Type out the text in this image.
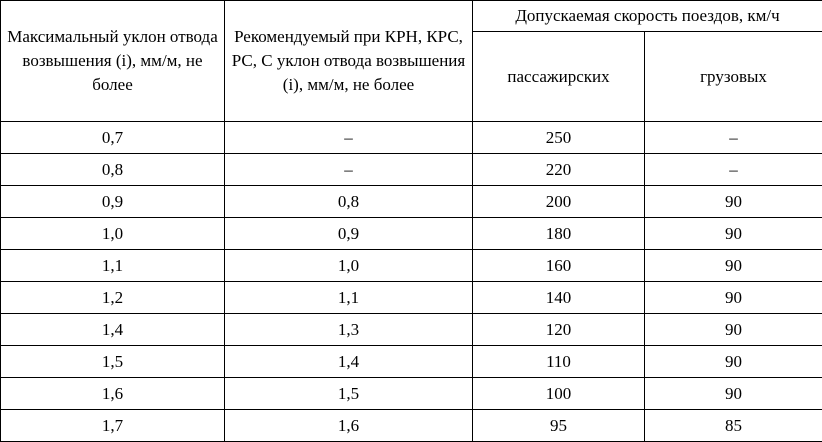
Максимальный уклон отвода возвышения (i), мм/м, не более	Рекомендуемый при КРН, КРС, РС, С уклон отвода возвышения (i), мм/м, не более	Допускаемая скорость поездов, км/ч	
		пассажирских	грузовых
0,7	–	250	–
0,8	–	220	–
0,9	0,8	200	90
1,0	0,9	180	90
1,1	1,0	160	90
1,2	1,1	140	90
1,4	1,3	120	90
1,5	1,4	110	90
1,6	1,5	100	90
1,7	1,6	95	85
